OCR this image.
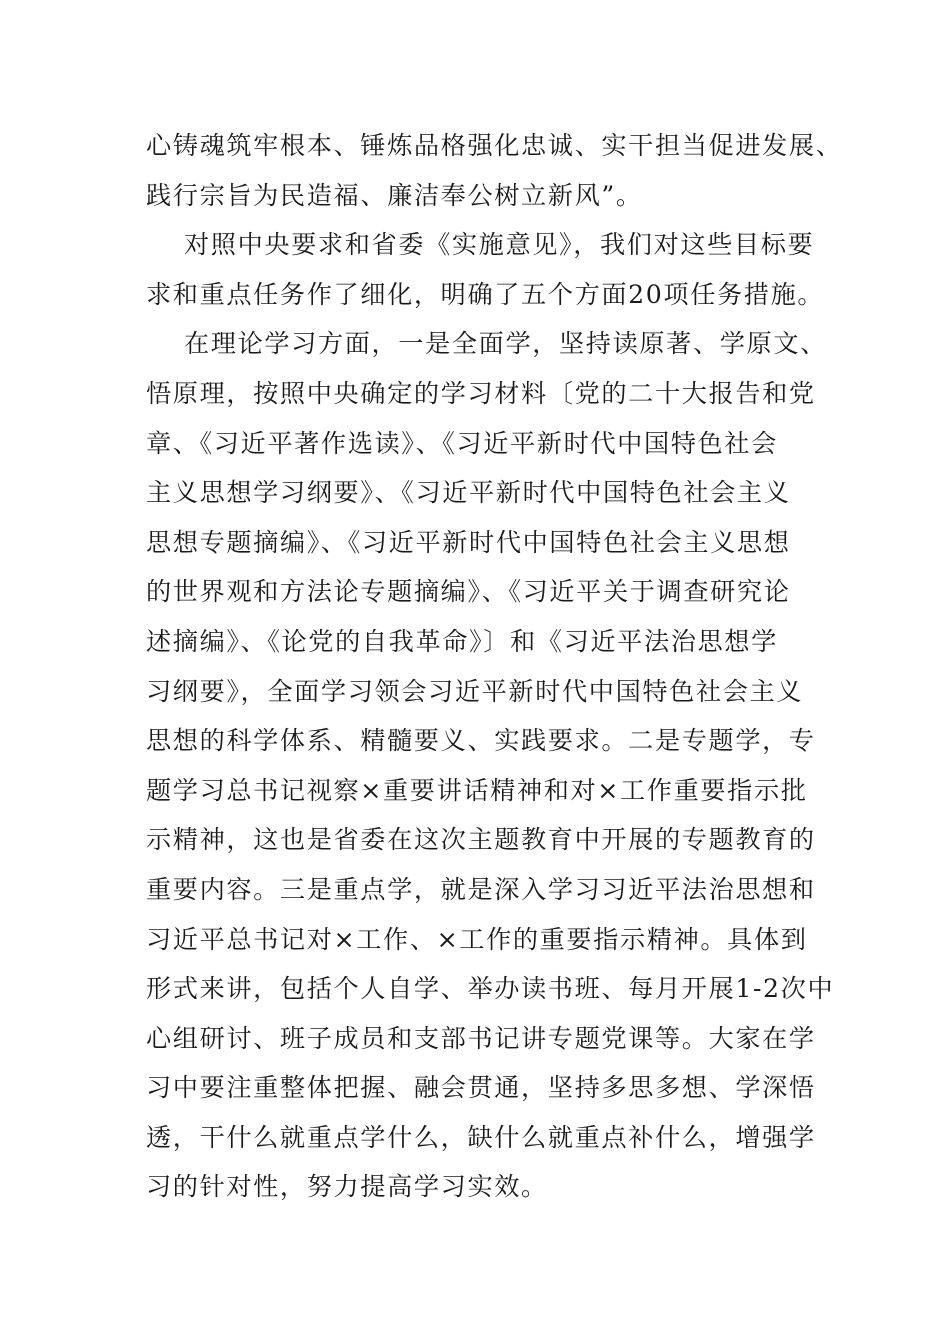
心铸魂筑牢根本、锤炼品格强化忠诚、实干担当促进发展、
践行宗旨为民造福、廉洁奉公树立新风”。
对照中央要求和省委《实施意见》，我们对这些目标要
求和重点任务作了细化，明确了五个方面20项任务措施。
在理论学习方面，一是全面学，坚持读原著、学原文、
悟原理，按照中央确定的学习材料〔党的二十大报告和党
章、《习近平著作选读》、《习近平新时代中国特色社会
主义思想学习纲要》、《习近平新时代中国特色社会主义
思想专题摘编》、《习近平新时代中国特色社会主义思想
的世界观和方法论专题摘编》、《习近平关于调查研究论
述摘编》、《论党的自我革命》〕和《习近平法治思想学
习纲要》，全面学习领会习近平新时代中国特色社会主义
思想的科学体系、精髓要义、实践要求。二是专题学，专
题学习总书记视察×重要讲话精神和对×工作重要指示批
示精神，这也是省委在这次主题教育中开展的专题教育的
重要内容。三是重点学，就是深入学习习近平法治思想和
习近平总书记对×工作、×工作的重要指示精神。具体到
形式来讲，包括个人自学、举办读书班、每月开展1-2次中
心组研讨、班子成员和支部书记讲专题党课等。大家在学
习中要注重整体把握、融会贯通，坚持多思多想、学深悟
透，干什么就重点学什么，缺什么就重点补什么，增强学
习的针对性，努力提高学习实效。
